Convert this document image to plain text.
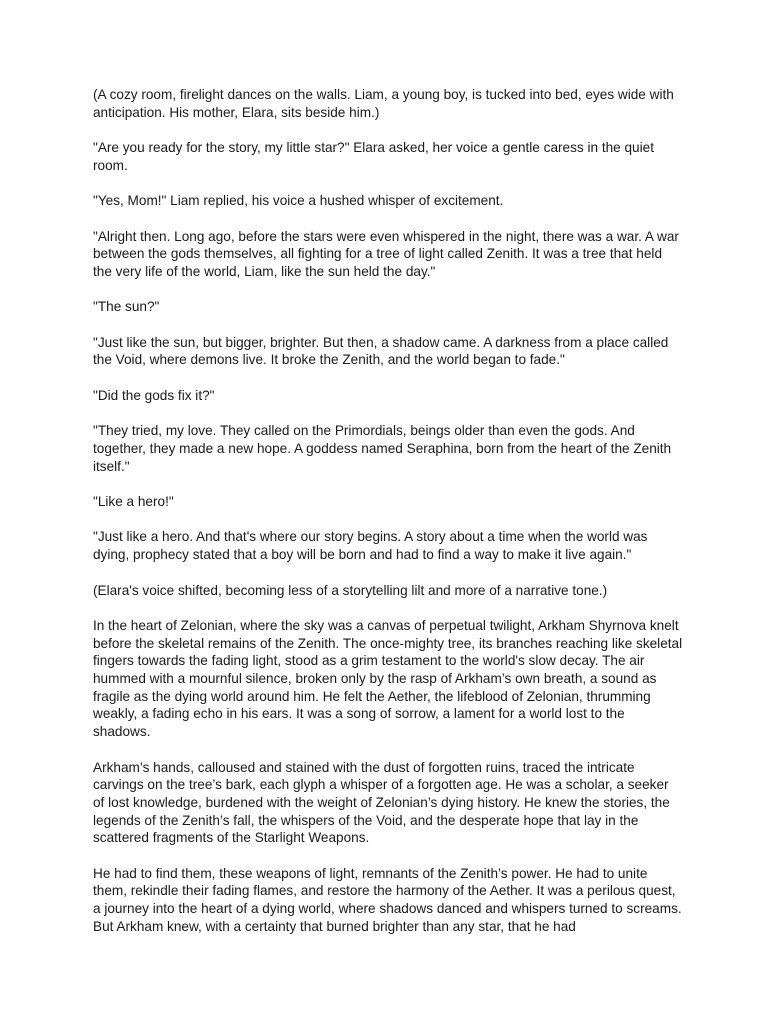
(A cozy room, firelight dances on the walls. Liam, a young boy, is tucked into bed, eyes wide with anticipation. His mother, Elara, sits beside him.)

"Are you ready for the story, my little star?" Elara asked, her voice a gentle caress in the quiet room.

"Yes, Mom!" Liam replied, his voice a hushed whisper of excitement.

"Alright then. Long ago, before the stars were even whispered in the night, there was a war. A war between the gods themselves, all fighting for a tree of light called Zenith. It was a tree that held the very life of the world, Liam, like the sun held the day."

"The sun?"

"Just like the sun, but bigger, brighter. But then, a shadow came. A darkness from a place called the Void, where demons live. It broke the Zenith, and the world began to fade."

"Did the gods fix it?"

"They tried, my love. They called on the Primordials, beings older than even the gods. And together, they made a new hope. A goddess named Seraphina, born from the heart of the Zenith itself."

"Like a hero!"

"Just like a hero. And that's where our story begins. A story about a time when the world was dying, prophecy stated that a boy will be born and had to find a way to make it live again."

(Elara's voice shifted, becoming less of a storytelling lilt and more of a narrative tone.)

In the heart of Zelonian, where the sky was a canvas of perpetual twilight, Arkham Shyrnova knelt before the skeletal remains of the Zenith. The once-mighty tree, its branches reaching like skeletal fingers towards the fading light, stood as a grim testament to the world's slow decay. The air hummed with a mournful silence, broken only by the rasp of Arkham’s own breath, a sound as fragile as the dying world around him. He felt the Aether, the lifeblood of Zelonian, thrumming weakly, a fading echo in his ears. It was a song of sorrow, a lament for a world lost to the shadows.

Arkham’s hands, calloused and stained with the dust of forgotten ruins, traced the intricate carvings on the tree’s bark, each glyph a whisper of a forgotten age. He was a scholar, a seeker of lost knowledge, burdened with the weight of Zelonian’s dying history. He knew the stories, the legends of the Zenith’s fall, the whispers of the Void, and the desperate hope that lay in the scattered fragments of the Starlight Weapons.

He had to find them, these weapons of light, remnants of the Zenith’s power. He had to unite them, rekindle their fading flames, and restore the harmony of the Aether. It was a perilous quest, a journey into the heart of a dying world, where shadows danced and whispers turned to screams. But Arkham knew, with a certainty that burned brighter than any star, that he had
